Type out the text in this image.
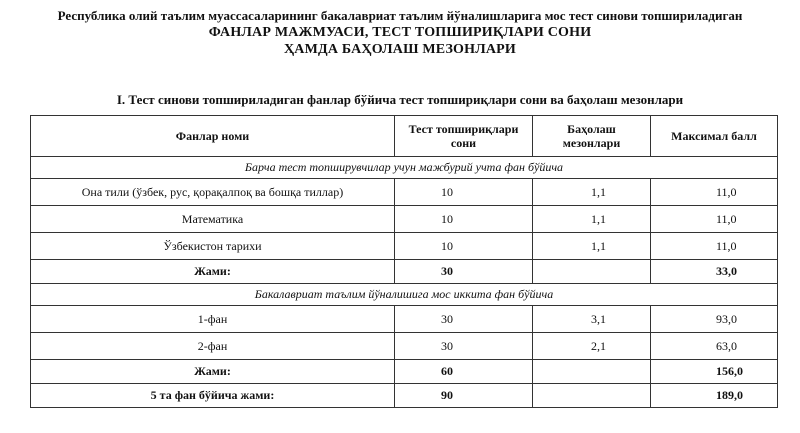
Республика олий таълим муассасаларининг бакалавриат таълим йўналишларига мос тест синови топшириладиган
ФАНЛАР МАЖМУАСИ, ТЕСТ ТОПШИРИҚЛАРИ СОНИ
ҲАМДА БАҲОЛАШ МЕЗОНЛАРИ
I. Тест синови топшириладиган фанлар бўйича тест топшириқлари сони ва баҳолаш мезонлари
Фанлар номи	Тест топшириқлари сони	Баҳолаш мезонлари	Максимал балл
Барча тест топширувчилар учун мажбурий учта фан бўйича			
Она тили (ўзбек, рус, қорақалпоқ ва бошқа тиллар)	10	1,1	11,0
Математика	10	1,1	11,0
Ўзбекистон тарихи	10	1,1	11,0
Жами:	30		33,0
Бакалавриат таълим йўналишига мос иккита фан бўйича			
1-фан	30	3,1	93,0
2-фан	30	2,1	63,0
Жами:	60		156,0
5 та фан бўйича жами:	90		189,0
